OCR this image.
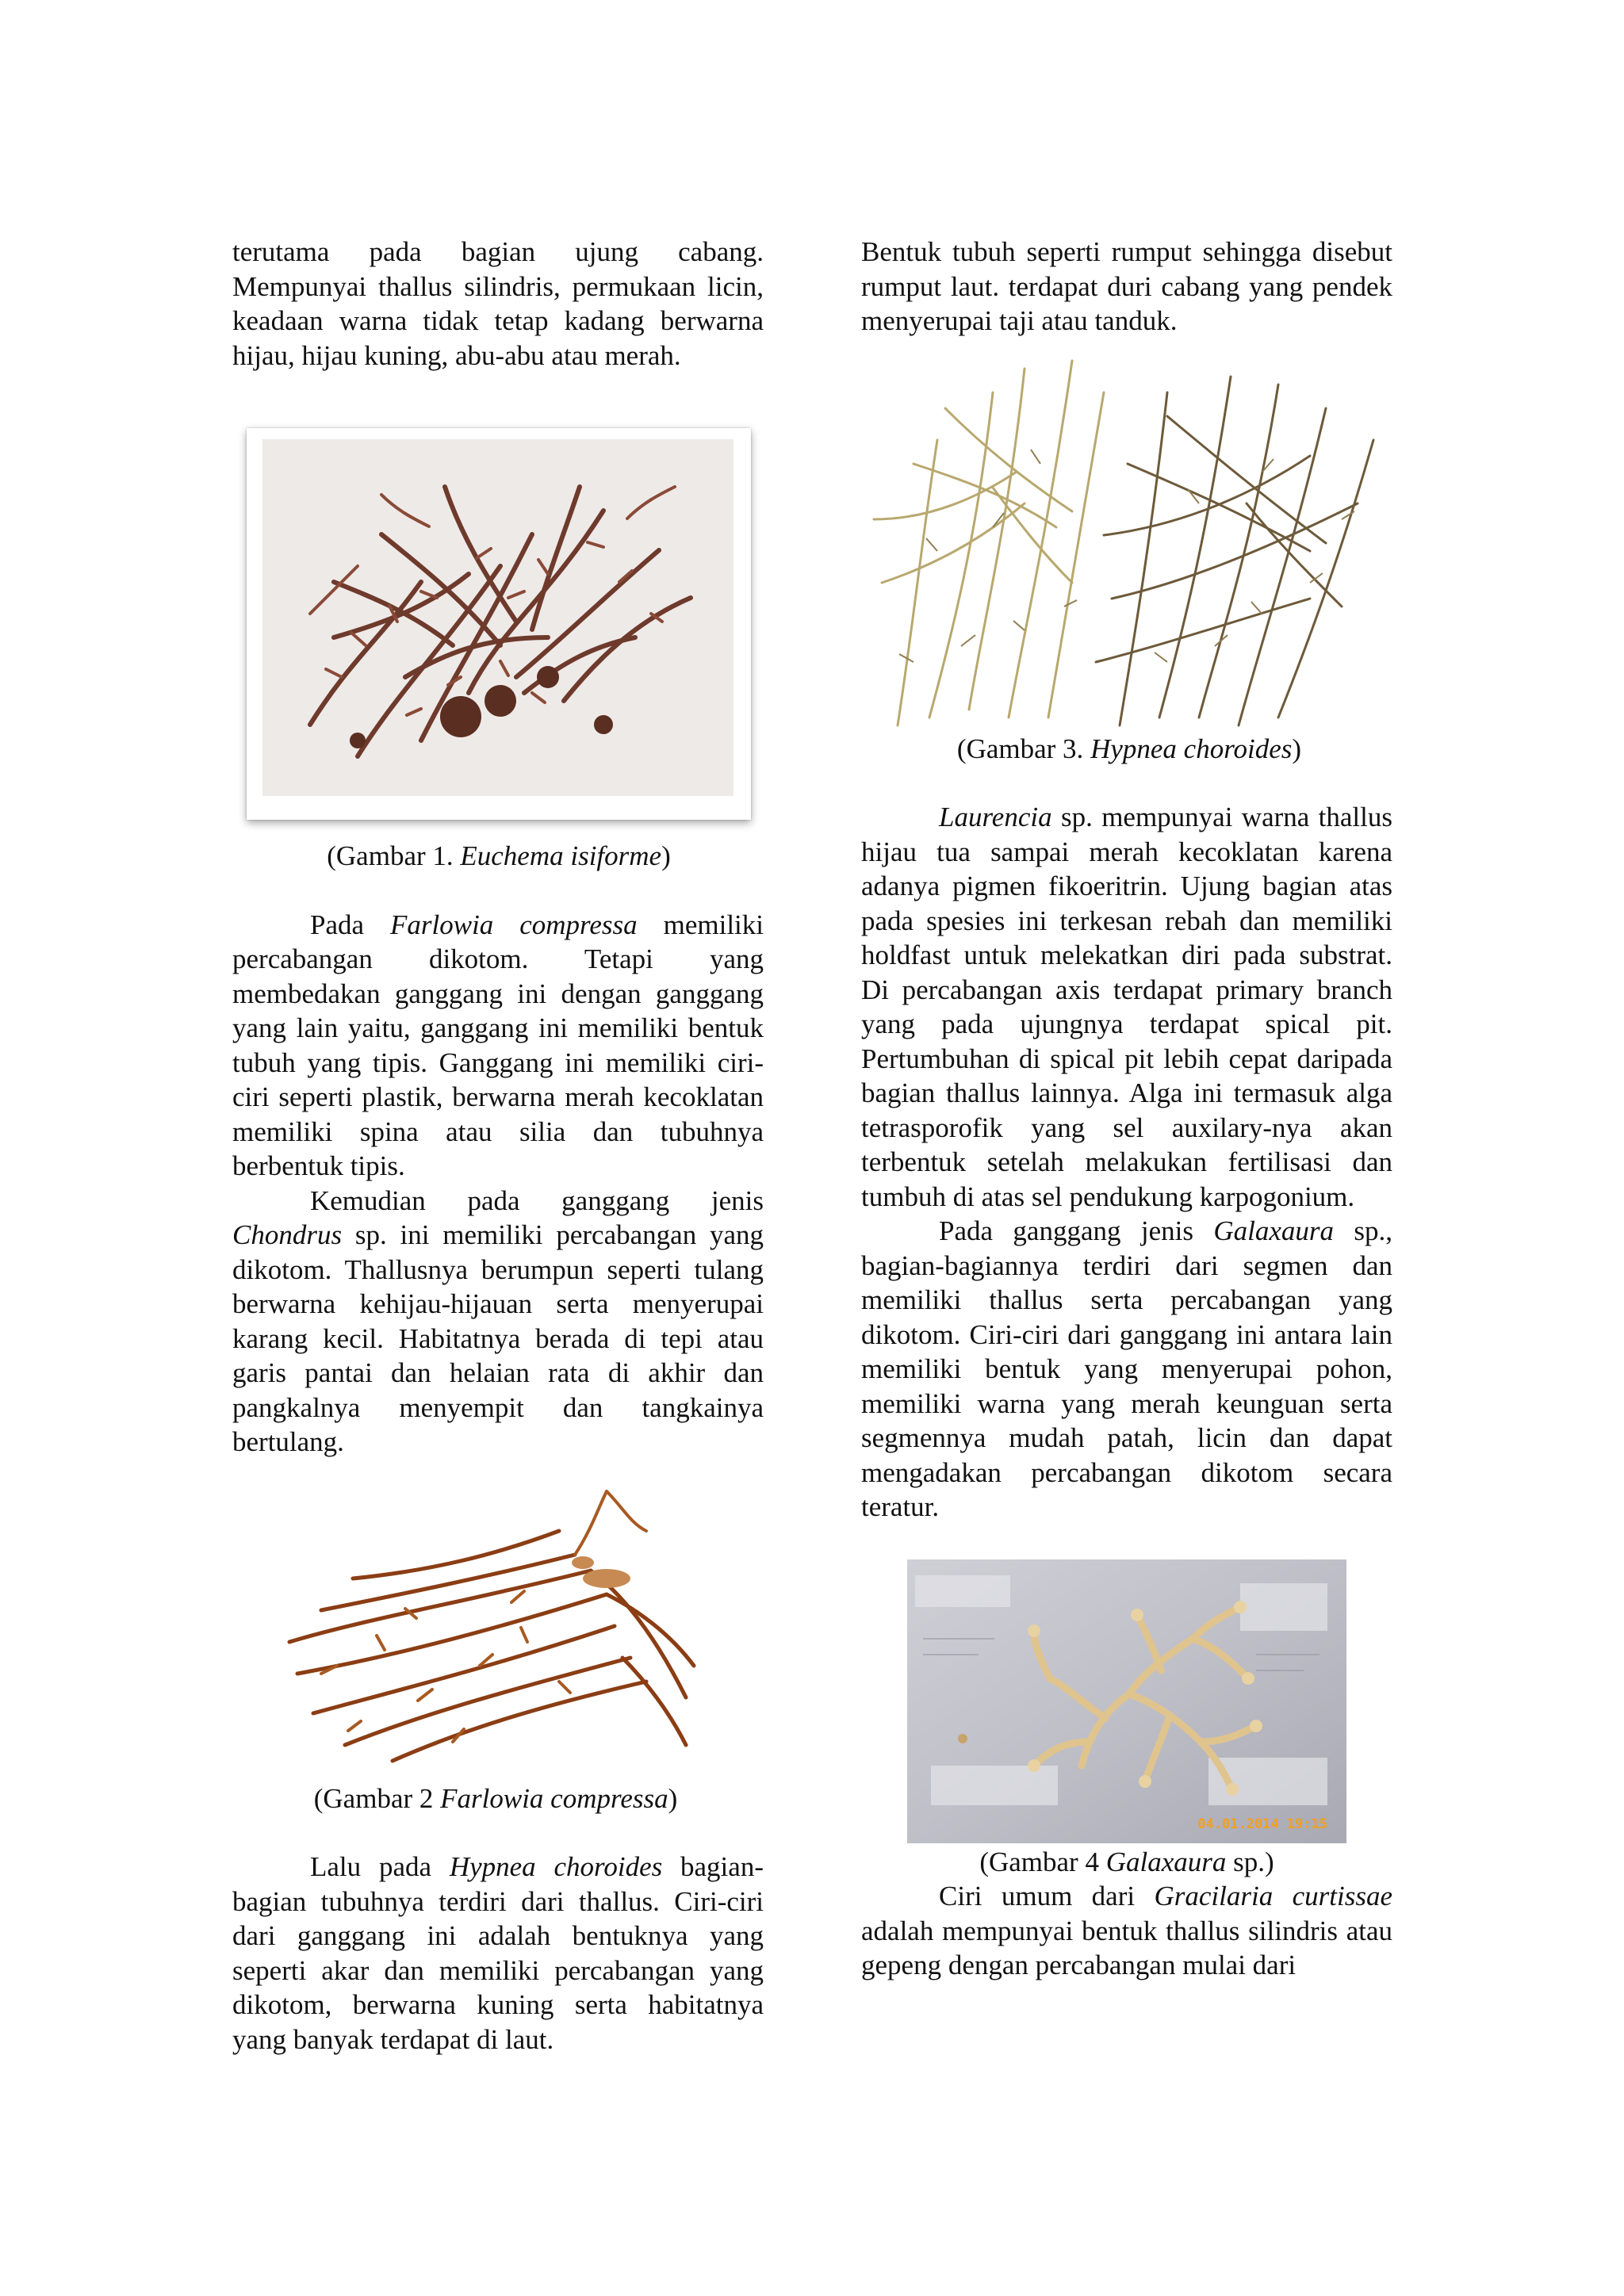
terutama pada bagian ujung cabang. Mempunyai thallus silindris, permukaan licin, keadaan warna tidak tetap kadang berwarna hijau, hijau kuning, abu-abu atau merah.

(Gambar 1. Euchema isiforme)

Pada Farlowia compressa memiliki percabangan dikotom. Tetapi yang membedakan ganggang ini dengan ganggang yang lain yaitu, ganggang ini memiliki bentuk tubuh yang tipis. Ganggang ini memiliki ciri-ciri seperti plastik, berwarna merah kecoklatan memiliki spina atau silia dan tubuhnya berbentuk tipis.

Kemudian pada ganggang jenis Chondrus sp. ini memiliki percabangan yang dikotom. Thallusnya berumpun seperti tulang berwarna kehijau-hijauan serta menyerupai karang kecil. Habitatnya berada di tepi atau garis pantai dan helaian rata di akhir dan pangkalnya menyempit dan tangkainya bertulang.

(Gambar 2 Farlowia compressa)

Lalu pada Hypnea choroides bagian-bagian tubuhnya terdiri dari thallus. Ciri-ciri dari ganggang ini adalah bentuknya yang seperti akar dan memiliki percabangan yang dikotom, berwarna kuning serta habitatnya yang banyak terdapat di laut.

Bentuk tubuh seperti rumput sehingga disebut rumput laut. terdapat duri cabang yang pendek menyerupai taji atau tanduk.

(Gambar 3. Hypnea choroides)

Laurencia sp. mempunyai warna thallus hijau tua sampai merah kecoklatan karena adanya pigmen fikoeritrin. Ujung bagian atas pada spesies ini terkesan rebah dan memiliki holdfast untuk melekatkan diri pada substrat. Di percabangan axis terdapat primary branch yang pada ujungnya terdapat spical pit. Pertumbuhan di spical pit lebih cepat daripada bagian thallus lainnya. Alga ini termasuk alga tetrasporofik yang sel auxilary-nya akan terbentuk setelah melakukan fertilisasi dan tumbuh di atas sel pendukung karpogonium.

Pada ganggang jenis Galaxaura sp., bagian-bagiannya terdiri dari segmen dan memiliki thallus serta percabangan yang dikotom. Ciri-ciri dari ganggang ini antara lain memiliki bentuk yang menyerupai pohon, memiliki warna yang merah keunguan serta segmennya mudah patah, licin dan dapat mengadakan percabangan dikotom secara teratur.

04.01.2014 19:15
(Gambar 4 Galaxaura sp.)

Ciri umum dari Gracilaria curtissae adalah mempunyai bentuk thallus silindris atau gepeng dengan percabangan mulai dari
